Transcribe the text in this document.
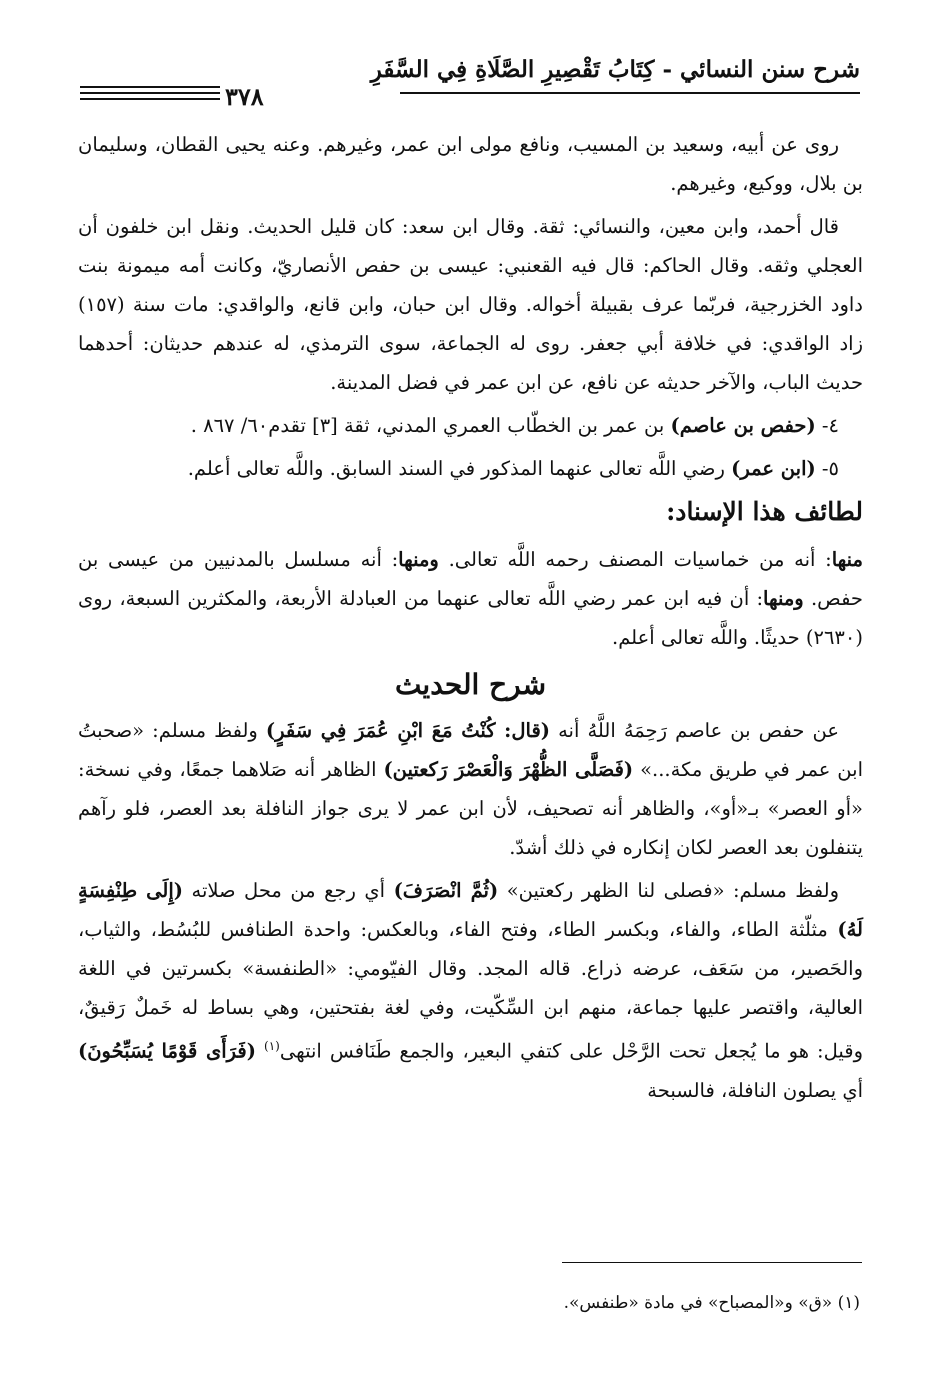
شرح سنن النسائي - كِتَابُ تَقْصِيرِ الصَّلَاةِ فِي السَّفَرِ
٣٧٨

روى عن أبيه، وسعيد بن المسيب، ونافع مولى ابن عمر، وغيرهم. وعنه يحيى القطان، وسليمان بن بلال، ووكيع، وغيرهم.

قال أحمد، وابن معين، والنسائي: ثقة. وقال ابن سعد: كان قليل الحديث. ونقل ابن خلفون أن العجلي وثقه. وقال الحاكم: قال فيه القعنبي: عيسى بن حفص الأنصاريّ، وكانت أمه ميمونة بنت داود الخزرجية، فربّما عرف بقبيلة أخواله. وقال ابن حبان، وابن قانع، والواقدي: مات سنة (١٥٧) زاد الواقدي: في خلافة أبي جعفر. روى له الجماعة، سوى الترمذي، له عندهم حديثان: أحدهما حديث الباب، والآخر حديثه عن نافع، عن ابن عمر في فضل المدينة.

٤- (حفص بن عاصم) بن عمر بن الخطّاب العمري المدني، ثقة [٣] تقدم٦٠/ ٨٦٧ .

٥- (ابن عمر) رضي اللَّه تعالى عنهما المذكور في السند السابق. واللَّه تعالى أعلم.

لطائف هذا الإسناد:

منها: أنه من خماسيات المصنف رحمه اللَّه تعالى. ومنها: أنه مسلسل بالمدنيين من عيسى بن حفص. ومنها: أن فيه ابن عمر رضي اللَّه تعالى عنهما من العبادلة الأربعة، والمكثرين السبعة، روى (٢٦٣٠) حديثًا. واللَّه تعالى أعلم.

شرح الحديث

عن حفص بن عاصم رَحِمَهُ اللَّهُ أنه (قال: كُنْتُ مَعَ ابْنِ عُمَرَ فِي سَفَرٍ) ولفظ مسلم: «صحبتُ ابن عمر في طريق مكة...» (فَصَلَّى الظُّهْرَ وَالْعَصْرَ رَكعتين) الظاهر أنه صَلاهما جمعًا، وفي نسخة: «أو العصر» بـ«أو»، والظاهر أنه تصحيف، لأن ابن عمر لا يرى جواز النافلة بعد العصر، فلو رآهم يتنفلون بعد العصر لكان إنكاره في ذلك أشدّ.

ولفظ مسلم: «فصلى لنا الظهر ركعتين» (ثُمَّ انْصَرَفَ) أي رجع من محل صلاته (إِلَى طِنْفِسَةٍ لَهُ) مثلّثة الطاء، والفاء، وبكسر الطاء، وفتح الفاء، وبالعكس: واحدة الطنافس للبُسُط، والثياب، والحَصير، من سَعَف، عرضه ذراع. قاله المجد. وقال الفيّومي: «الطنفسة» بكسرتين في اللغة العالية، واقتصر عليها جماعة، منهم ابن السِّكّيت، وفي لغة بفتحتين، وهي بساط له خَملٌ رَقيقٌ، وقيل: هو ما يُجعل تحت الرَّحْل على كتفي البعير، والجمع طَنَافس انتهى$^{(١)}$ (فَرَأَى قَوْمًا يُسَبِّحُونَ) أي يصلون النافلة، فالسبحة

(١) «ق» و«المصباح» في مادة «طنفس».
